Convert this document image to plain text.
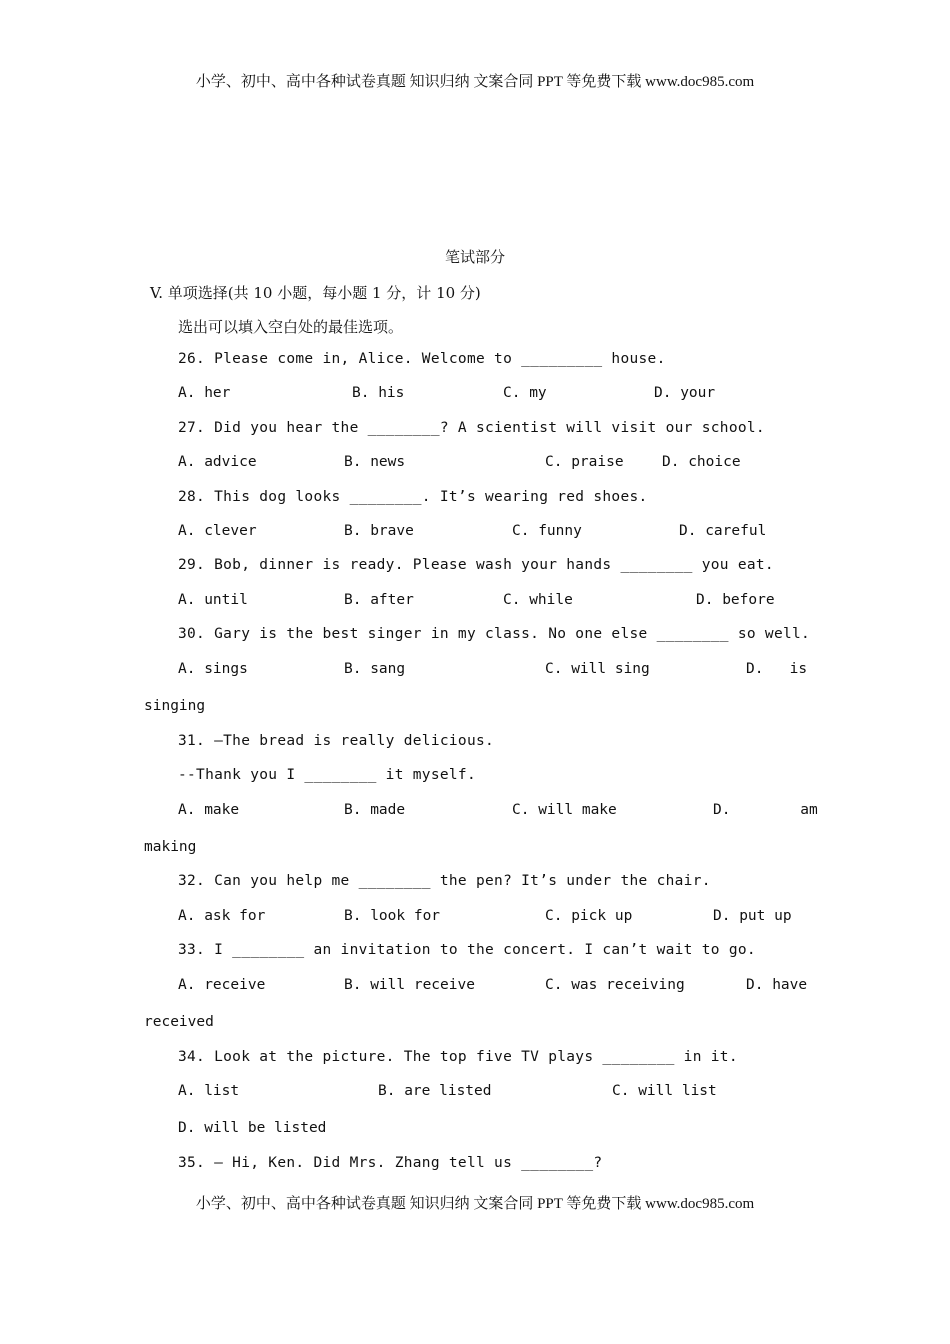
小学、初中、高中各种试卷真题 知识归纳 文案合同 PPT 等免费下载 www.doc985.com
笔试部分
V. 单项选择(共 10 小题，每小题 1 分，计 10 分)
选出可以填入空白处的最佳选项。
26. Please come in, Alice. Welcome to _________ house.
A. her	B. his	C. my	D. your
27. Did you hear the ________? A scientist will visit our school.
A. advice	B. news	C. praise	D. choice
28. This dog looks ________. It’s wearing red shoes.
A. clever	B. brave	C. funny	D. careful
29. Bob, dinner is ready. Please wash your hands ________ you eat.
A. until	B. after	C. while	D. before
30. Gary is the best singer in my class. No one else ________ so well.
A. sings	B. sang	C. will sing	D.   is
singing
31. –The bread is really delicious.
--Thank you I ________ it myself.
A. make	B. made	C. will make	D.        am
making
32. Can you help me ________ the pen? It’s under the chair.
A. ask for	B. look for	C. pick up	D. put up
33. I ________ an invitation to the concert. I can’t wait to go.
A. receive	B. will receive	C. was receiving	D. have
received
34. Look at the picture. The top five TV plays ________ in it.
A. list	B. are listed	C. will list
D. will be listed
35. – Hi, Ken. Did Mrs. Zhang tell us ________?
小学、初中、高中各种试卷真题 知识归纳 文案合同 PPT 等免费下载 www.doc985.com
